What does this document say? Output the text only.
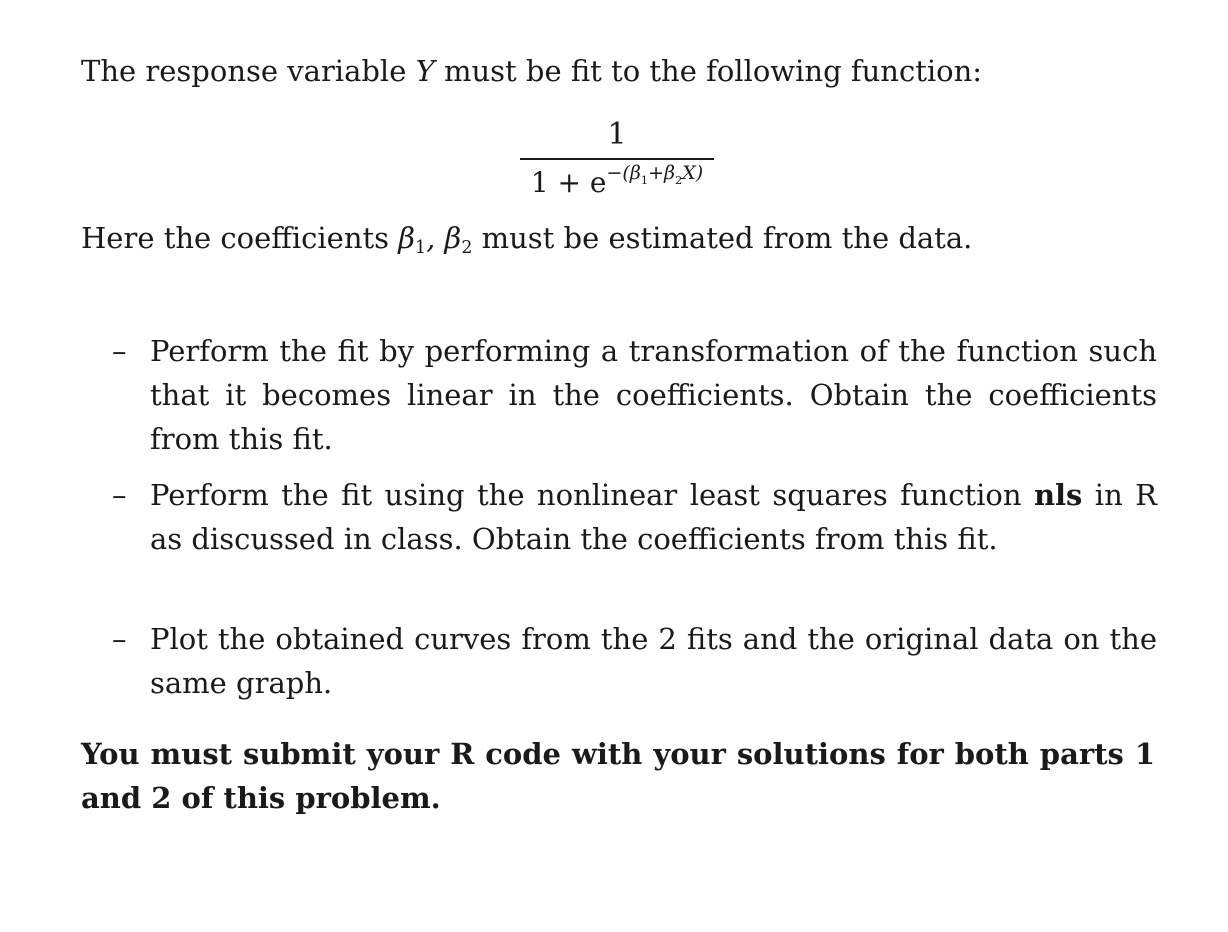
The response variable Y must be fit to the following function:
1
$1 + e^{-(\beta_1+\beta_2X)}$
Here the coefficients $\beta_1$, $\beta_2$ must be estimated from the data.
– Perform the fit by performing a transformation of the function such that it becomes linear in the coefficients. Obtain the coefficients from this fit.
– Perform the fit using the nonlinear least squares function nls in R as discussed in class. Obtain the coefficients from this fit.
– Plot the obtained curves from the 2 fits and the original data on the same graph.
You must submit your R code with your solutions for both parts 1 and 2 of this problem.
